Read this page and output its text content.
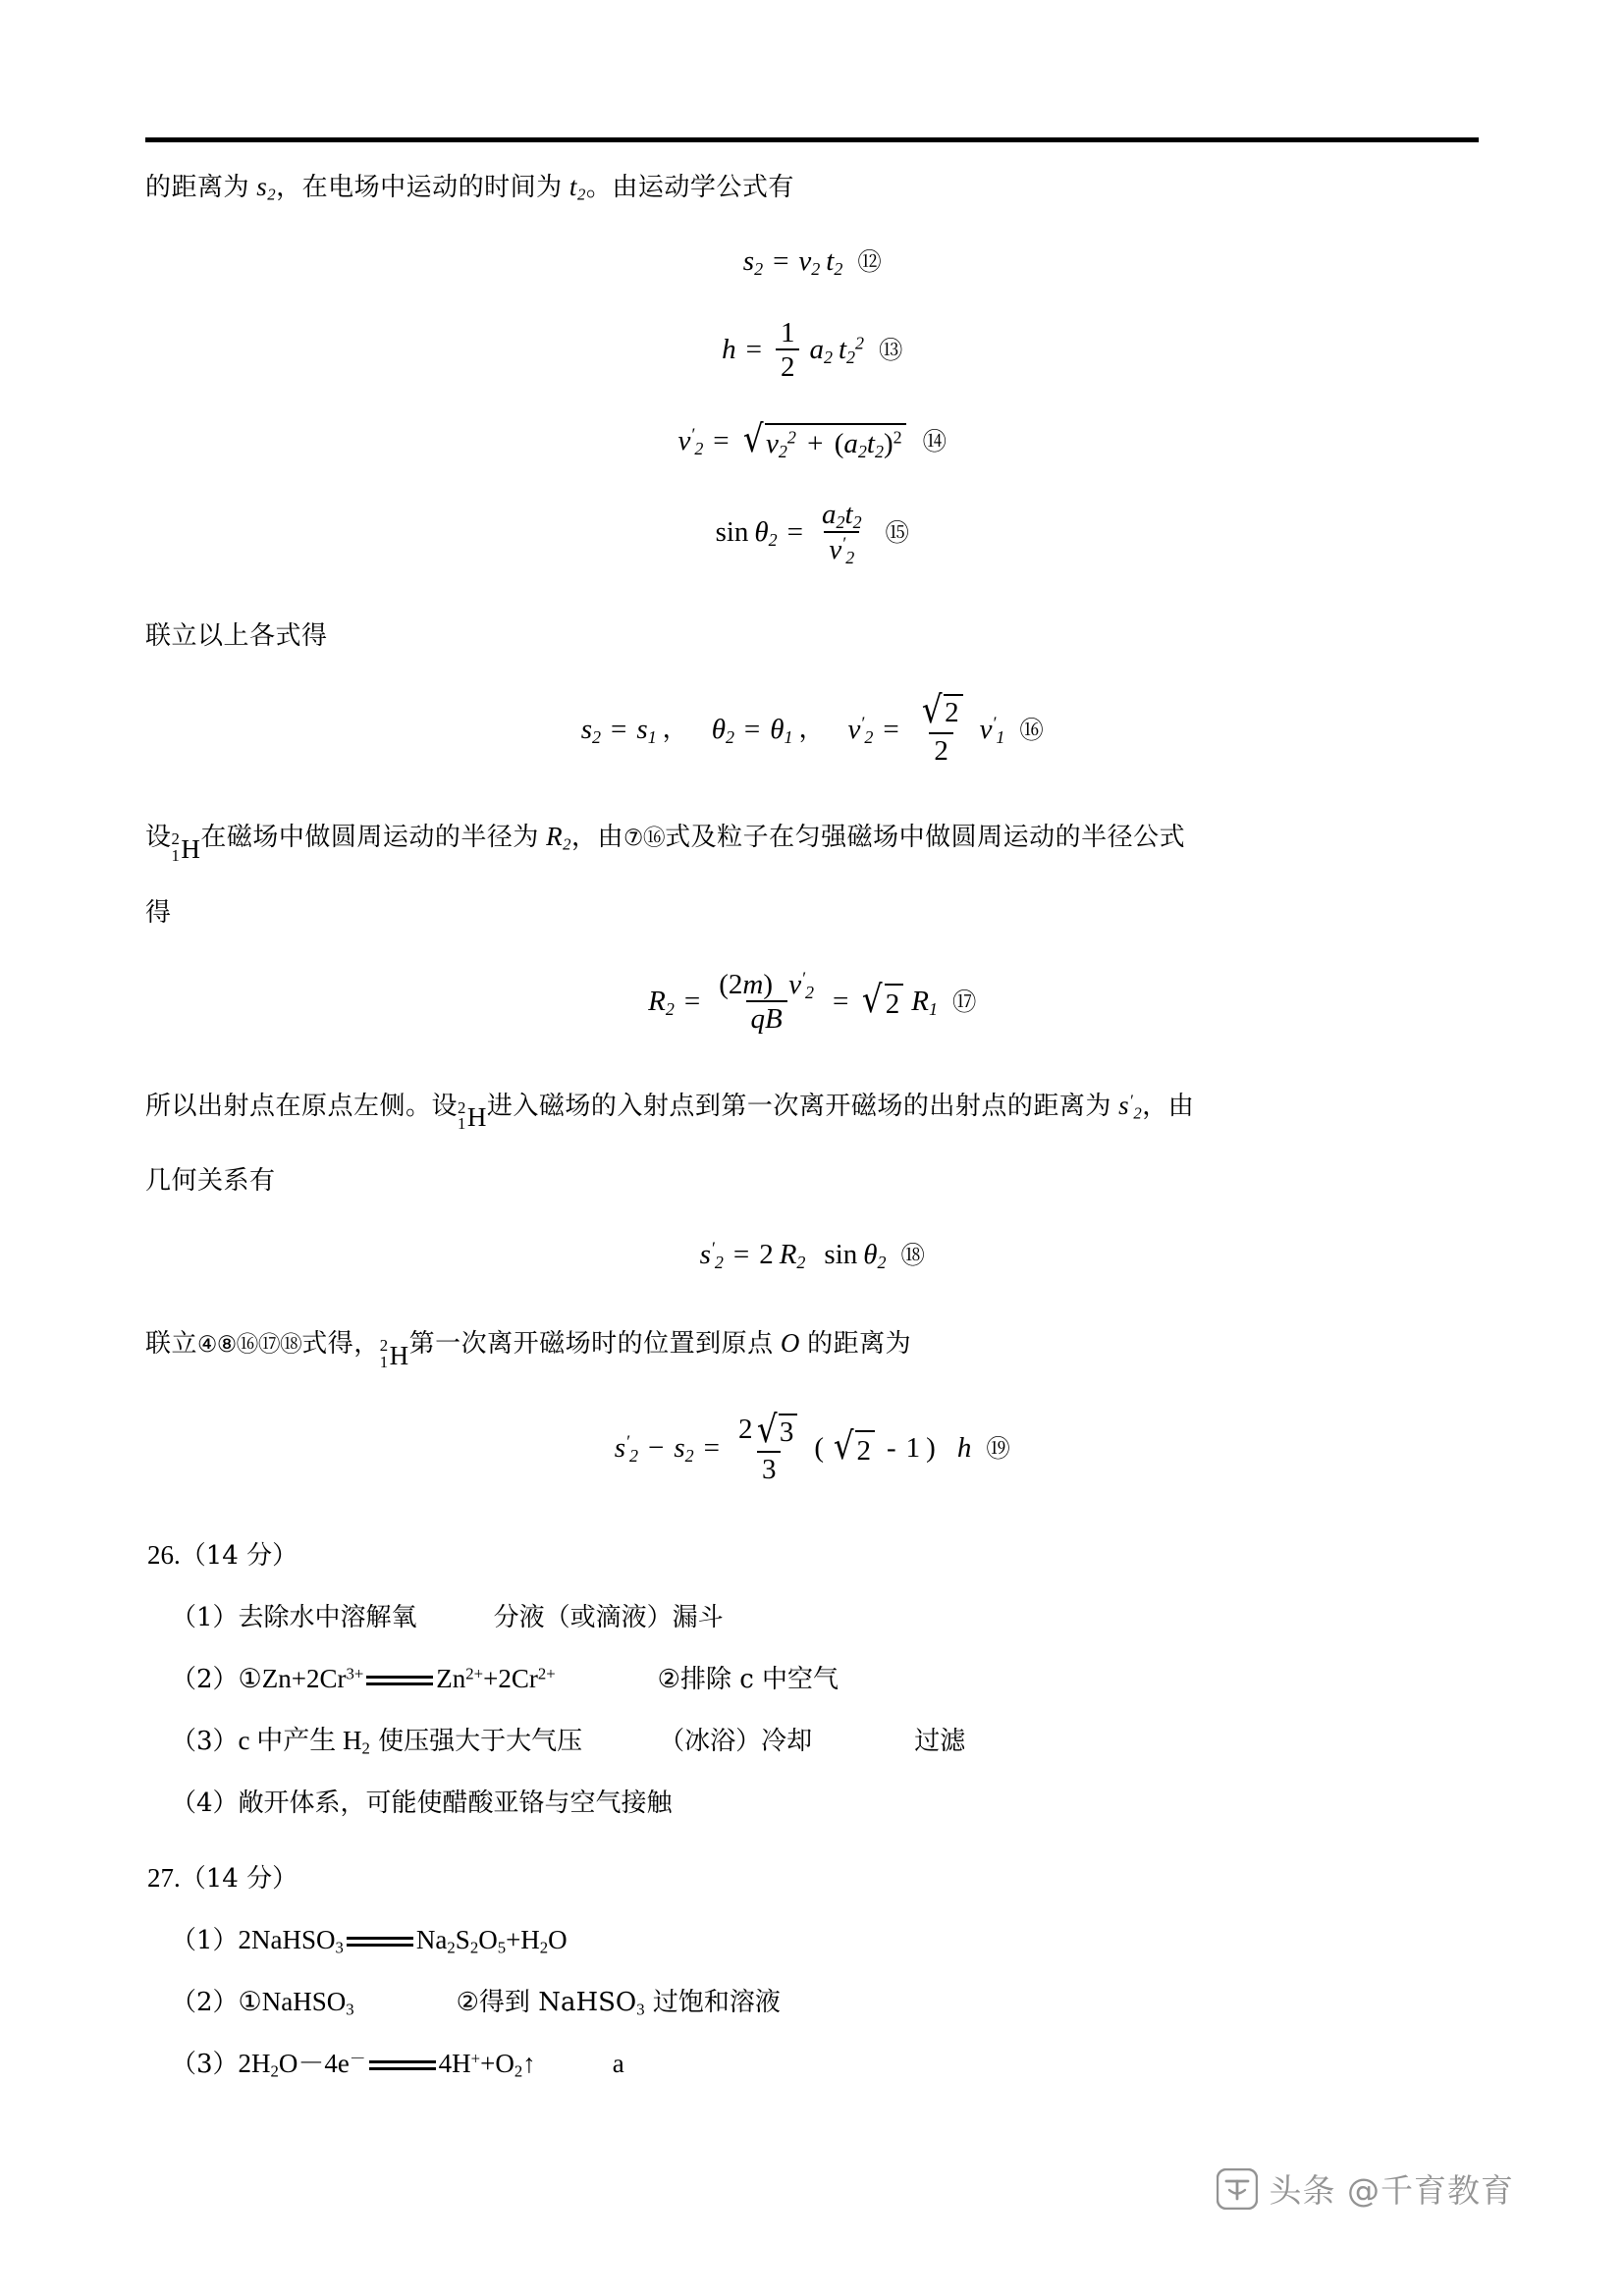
的距离为 $s_2$，在电场中运动的时间为 $t_2$。由运动学公式有
$s_2 = v_2$ $t_2$ ⑫
$h = \frac{1}{2} a_2$ $t_2^2$ ⑬
$v'_2$ = √ $v_2^2 + (a_2t_2)^2$ ⑭
$\sin \theta_2 = \frac{a_2t_2}{v'_2}$ ⑮
联立以上各式得
$s_2 = s_1$ ， $\theta_2 = \theta_1$ ， $v'_2 = \frac{√ 2}{2} v'_1$ ⑯
设 2
1 H 在磁场中做圆周运动的半径为 $R_2$，由⑦⑯式及粒子在匀强磁场中做圆周运动的半径公式
得
$R_2 = \frac{(2m) v'_2}{qB}$ = √ 2 $R_1$ ⑰
所以出射点在原点左侧。设 2
1 H 进入磁场的入射点到第一次离开磁场的出射点的距离为 $s'_2$，由
几何关系有
$s'_2 = 2$ $R_2$ $\sin \theta_2$ ⑱
联立④⑧⑯⑰⑱式得， 2
1 H 第一次离开磁场时的位置到原点 O 的距离为
$s'_2 - s_2 = \frac{2 √ 3}{3}$ ( √ 2 - 1 ) h ⑲
26.（14 分）
（1）去除水中溶解氧	分液（或滴液）漏斗
$(2)①Zn+2Cr^{3+}$	$Zn^{2+}+2Cr^{2+}$	②排除 c 中空气
（3）c 中产生 $H_2$ 使压强大于大气压	（冰浴）冷却	过滤
（4）敞开体系，可能使醋酸亚铬与空气接触
27.（14 分）
（1）2NaHSO$_3$	$Na_2S_2O_5+H_2O$
（2）①NaHSO$_3$	②得到 NaHSO$_3$ 过饱和溶液
$(3)2H_2O-4e^-$	$4H^++O_2↑$	a
头条 @千育教育
